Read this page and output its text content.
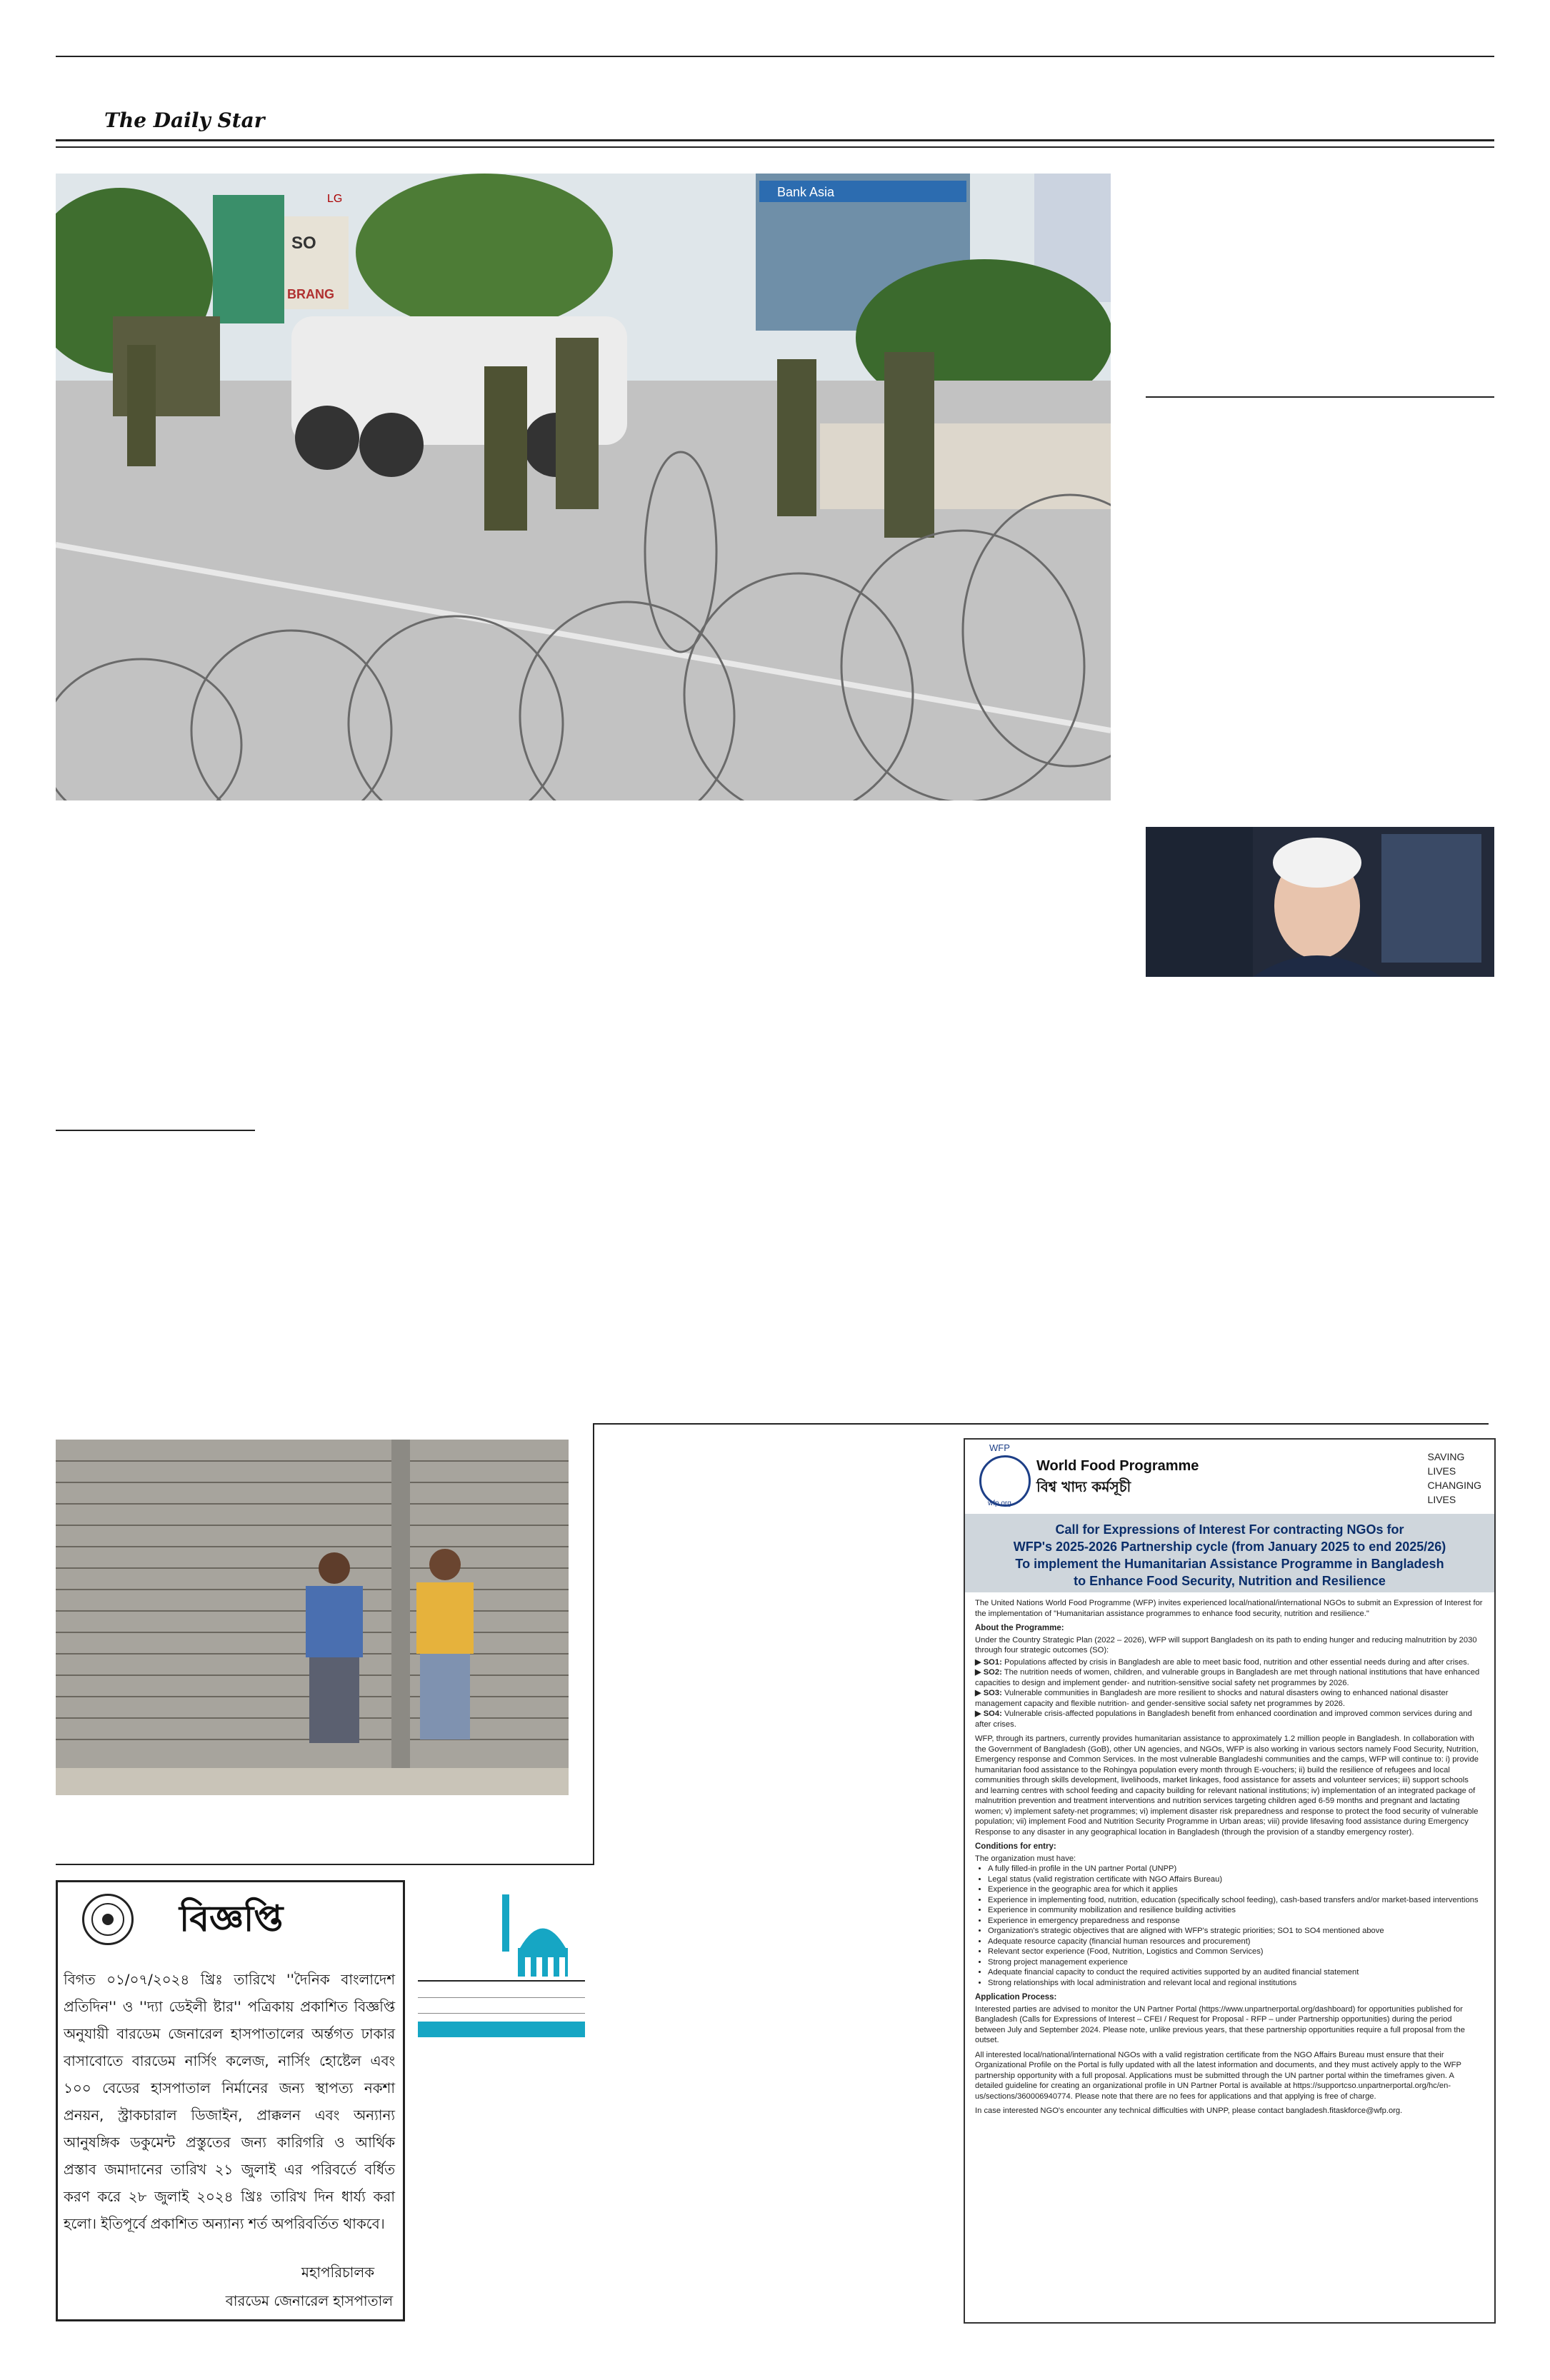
The Daily Star
Bank Asia
SO
BRANG
LG
WFP
wfp.org
World Food Programme
বিশ্ব খাদ্য কর্মসূচী
SAVING
LIVES
CHANGING
LIVES
Call for Expressions of Interest For contracting NGOs for
WFP's 2025-2026 Partnership cycle (from January 2025 to end 2025/26)
To implement the Humanitarian Assistance Programme in Bangladesh
to Enhance Food Security, Nutrition and Resilience

The United Nations World Food Programme (WFP) invites experienced local/national/international NGOs to submit an Expression of Interest for the implementation of "Humanitarian assistance programmes to enhance food security, nutrition and resilience."

About the Programme:

Under the Country Strategic Plan (2022 – 2026), WFP will support Bangladesh on its path to ending hunger and reducing malnutrition by 2030 through four strategic outcomes (SO):

▶ SO1: Populations affected by crisis in Bangladesh are able to meet basic food, nutrition and other essential needs during and after crises.
▶ SO2: The nutrition needs of women, children, and vulnerable groups in Bangladesh are met through national institutions that have enhanced capacities to design and implement gender- and nutrition-sensitive social safety net programmes by 2026.
▶ SO3: Vulnerable communities in Bangladesh are more resilient to shocks and natural disasters owing to enhanced national disaster management capacity and flexible nutrition- and gender-sensitive social safety net programmes by 2026.
▶ SO4: Vulnerable crisis-affected populations in Bangladesh benefit from enhanced coordination and improved common services during and after crises.

WFP, through its partners, currently provides humanitarian assistance to approximately 1.2 million people in Bangladesh. In collaboration with the Government of Bangladesh (GoB), other UN agencies, and NGOs, WFP is also working in various sectors namely Food Security, Nutrition, Emergency response and Common Services. In the most vulnerable Bangladeshi communities and the camps, WFP will continue to: i) provide humanitarian food assistance to the Rohingya population every month through E-vouchers; ii) build the resilience of refugees and local communities through skills development, livelihoods, market linkages, food assistance for assets and volunteer services; iii) support schools and learning centres with school feeding and capacity building for relevant national institutions; iv) implementation of an integrated package of malnutrition prevention and treatment interventions and nutrition services targeting children aged 6-59 months and pregnant and lactating women; v) implement safety-net programmes; vi) implement disaster risk preparedness and response to protect the food security of vulnerable population; vii) implement Food and Nutrition Security Programme in Urban areas; viii) provide lifesaving food assistance during Emergency Response to any disaster in any geographical location in Bangladesh (through the provision of a standby emergency roster).

Conditions for entry:
The organization must have:
• A fully filled-in profile in the UN partner Portal (UNPP)
• Legal status (valid registration certificate with NGO Affairs Bureau)
• Experience in the geographic area for which it applies
• Experience in implementing food, nutrition, education (specifically school feeding), cash-based transfers and/or market-based interventions
• Experience in community mobilization and resilience building activities
• Experience in emergency preparedness and response
• Organization's strategic objectives that are aligned with WFP's strategic priorities; SO1 to SO4 mentioned above
• Adequate resource capacity (financial human resources and procurement)
• Relevant sector experience (Food, Nutrition, Logistics and Common Services)
• Strong project management experience
• Adequate financial capacity to conduct the required activities supported by an audited financial statement
• Strong relationships with local administration and relevant local and regional institutions
Application Process:

Interested parties are advised to monitor the UN Partner Portal (https://www.unpartnerportal.org/dashboard) for opportunities published for Bangladesh (Calls for Expressions of Interest – CFEI / Request for Proposal - RFP – under Partnership opportunities) during the period between July and September 2024. Please note, unlike previous years, that these partnership opportunities require a full proposal from the outset.

All interested local/national/international NGOs with a valid registration certificate from the NGO Affairs Bureau must ensure that their Organizational Profile on the Portal is fully updated with all the latest information and documents, and they must actively apply to the WFP partnership opportunity with a full proposal. Applications must be submitted through the UN partner portal within the timeframes given. A detailed guideline for creating an organizational profile in UN Partner Portal is available at https://supportcso.unpartnerportal.org/hc/en-us/sections/360006940774. Please note that there are no fees for applications and that applying is free of charge.

In case interested NGO's encounter any technical difficulties with UNPP, please contact bangladesh.fitaskforce@wfp.org.

বিজ্ঞপ্তি
বিগত ০১/০৭/২০২৪ খ্রিঃ তারিখে ''দৈনিক বাংলাদেশ প্রতিদিন'' ও ''দ্যা ডেইলী ষ্টার'' পত্রিকায় প্রকাশিত বিজ্ঞপ্তি অনুযায়ী বারডেম জেনারেল হাসপাতালের অর্ন্তগত ঢাকার বাসাবোতে বারডেম নার্সিং কলেজ, নার্সিং হোষ্টেল এবং ১০০ বেডের হাসপাতাল নির্মানের জন্য স্থাপত্য নকশা প্রনয়ন, স্ট্রাকচারাল ডিজাইন, প্রাক্কলন এবং অন্যান্য আনুষঙ্গিক ডকুমেন্ট প্রস্তুতের জন্য কারিগরি ও আর্থিক প্রস্তাব জমাদানের তারিখ ২১ জুলাই এর পরিবর্তে বর্ধিত করণ করে ২৮ জুলাই ২০২৪ খ্রিঃ তারিখ দিন ধার্য্য করা হলো। ইতিপূর্বে প্রকাশিত অন্যান্য শর্ত অপরিবর্তিত থাকবে।
মহাপরিচালক
বারডেম জেনারেল হাসপাতাল
